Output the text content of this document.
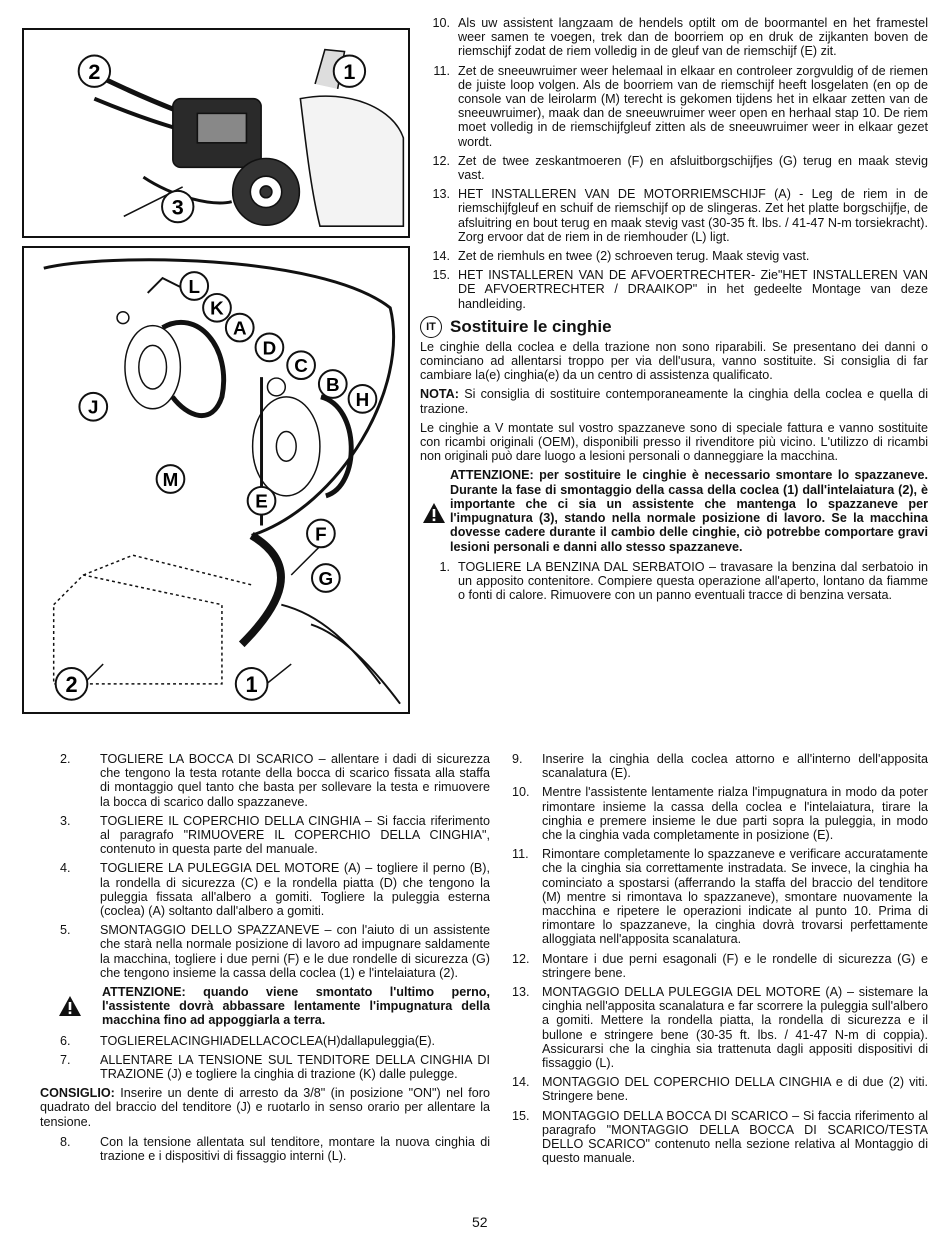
2	1
3
L
K
A
J
D
C
B
H
M
E
F
G
2	1
10. Als uw assistent langzaam de hendels optilt om de boormantel en het framestel weer samen te voegen, trek dan de boorriem op en druk de zijkanten boven de riemschijf zodat de riem volledig in de gleuf van de riemschijf (E) zit.
11. Zet de sneeuwruimer weer helemaal in elkaar en controleer zorgvuldig of de riemen de juiste loop volgen. Als de boorriem van de riemschijf heeft losgelaten (en op de console van de leirolarm (M) terecht is gekomen tijdens het in elkaar zetten van de sneeuwruimer), maak dan de sneeuwruimer weer open en herhaal stap 10. De riem moet volledig in de riemschijfgleuf zitten als de sneeuwruimer weer in elkaar gezet wordt.
12. Zet de twee zeskantmoeren (F) en afsluitborgschijfjes (G) terug en maak stevig vast.
13. HET INSTALLEREN VAN DE MOTORRIEMSCHIJF (A) - Leg de riem in de riemschijfgleuf en schuif de riemschijf op de slingeras. Zet het platte borgschijfje, de afsluitring en bout terug en maak stevig vast (30-35 ft. lbs. / 41-47 N-m torsiekracht). Zorg ervoor dat de riem in de riemhouder (L) ligt.
14. Zet de riemhuls en twee (2) schroeven terug. Maak stevig vast.
15. HET INSTALLEREN VAN DE AFVOERTRECHTER- Zie"HET INSTALLEREN VAN DE AFVOERTRECHTER / DRAAIKOP" in het gedeelte Montage van deze handleiding.
IT Sostituire le cinghie

Le cinghie della coclea e della trazione non sono riparabili. Se presentano dei danni o cominciano ad allentarsi troppo per via dell'usura, vanno sostituite. Si consiglia di far cambiare la(e) cinghia(e) da un centro di assistenza qualificato.

NOTA: Si consiglia di sostituire contemporaneamente la cinghia della coclea e quella di trazione.

Le cinghie a V montate sul vostro spazzaneve sono di speciale fattura e vanno sostituite con ricambi originali (OEM), disponibili presso il rivenditore più vicino. L'utilizzo di ricambi non originali può dare luogo a lesioni personali o danneggiare la macchina.

ATTENZIONE: per sostituire le cinghie è necessario smontare lo spazzaneve. Durante la fase di smontaggio della cassa della coclea (1) dall'intelaiatura (2), è importante che ci sia un assistente che mantenga lo spazzaneve per l'impugnatura (3), stando nella normale posizione di lavoro. Se la macchina dovesse cadere durante il cambio delle cinghie, ciò potrebbe comportare gravi lesioni personali e danni allo stesso spazzaneve.
1. TOGLIERE LA BENZINA DAL SERBATOIO – travasare la benzina dal serbatoio in un apposito contenitore. Compiere questa operazione all'aperto, lontano da fiamme o fonti di calore. Rimuovere con un panno eventuali tracce di benzina versata.
2.	TOGLIERE LA BOCCA DI SCARICO – allentare i dadi di sicurezza che tengono la testa rotante della bocca di scarico fissata alla staffa di montaggio quel tanto che basta per sollevare la testa e rimuovere la bocca di scarico dallo spazzaneve.
3.	TOGLIERE IL COPERCHIO DELLA CINGHIA – Si faccia riferimento al paragrafo "RIMUOVERE IL COPERCHIO DELLA CINGHIA", contenuto in questa parte del manuale.
4.	TOGLIERE LA PULEGGIA DEL MOTORE (A) – togliere il perno (B), la rondella di sicurezza (C) e la rondella piatta (D) che tengono la puleggia fissata all'albero a gomiti. Togliere la puleggia esterna (coclea) (A) soltanto dall'albero a gomiti.
5.	SMONTAGGIO DELLO SPAZZANEVE – con l'aiuto di un assistente che starà nella normale posizione di lavoro ad impugnare saldamente la macchina, togliere i due perni (F) e le due rondelle di sicurezza (G) che tengono insieme la cassa della coclea (1) e l'intelaiatura (2).
ATTENZIONE: quando viene smontato l'ultimo perno, l'assistente dovrà abbassare lentamente l'impugnatura della macchina fino ad appoggiarla a terra.
6.	TOGLIERELACINGHIADELLACOCLEA(H)dallapuleggia(E).
7.	ALLENTARE LA TENSIONE SUL TENDITORE DELLA CINGHIA DI TRAZIONE (J) e togliere la cinghia di trazione (K) dalle pulegge.

CONSIGLIO: Inserire un dente di arresto da 3/8" (in posizione "ON") nel foro quadrato del braccio del tenditore (J) e ruotarlo in senso orario per allentare la tensione.

8.	Con la tensione allentata sul tenditore, montare la nuova cinghia di trazione e i dispositivi di fissaggio interni (L).
9.	Inserire la cinghia della coclea attorno e all'interno dell'apposita scanalatura (E).
10. Mentre l'assistente lentamente rialza l'impugnatura in modo da poter rimontare insieme la cassa della coclea e l'intelaiatura, tirare la cinghia e premere insieme le due parti sopra la puleggia, in modo che la cinghia vada completamente in posizione (E).
11.	Rimontare completamente lo spazzaneve e verificare accuratamente che la cinghia sia correttamente instradata. Se invece, la cinghia ha cominciato a spostarsi (afferrando la staffa del braccio del tenditore (M) mentre si rimontava lo spazzaneve), smontare nuovamente la macchina e ripetere le operazioni indicate al punto 10. Prima di rimontare lo spazzaneve, la cinghia dovrà trovarsi perfettamente alloggiata nell'apposita scanalatura.
12. Montare i due perni esagonali (F) e le rondelle di sicurezza (G) e stringere bene.
13. MONTAGGIO DELLA PULEGGIA DEL MOTORE (A) – sistemare la cinghia nell'apposita scanalatura e far scorrere la puleggia sull'albero a gomiti. Mettere la rondella piatta, la rondella di sicurezza e il bullone e stringere bene (30-35 ft. lbs. / 41-47 N-m di coppia). Assicurarsi che la cinghia sia trattenuta dagli appositi dispositivi di fissaggio (L).
14. MONTAGGIO DEL COPERCHIO DELLA CINGHIA e di due (2) viti. Stringere bene.
15. MONTAGGIO DELLA BOCCA DI SCARICO – Si faccia riferimento al paragrafo "MONTAGGIO DELLA BOCCA DI SCARICO/TESTA DELLO SCARICO" contenuto nella sezione relativa al Montaggio di questo manuale.
52
